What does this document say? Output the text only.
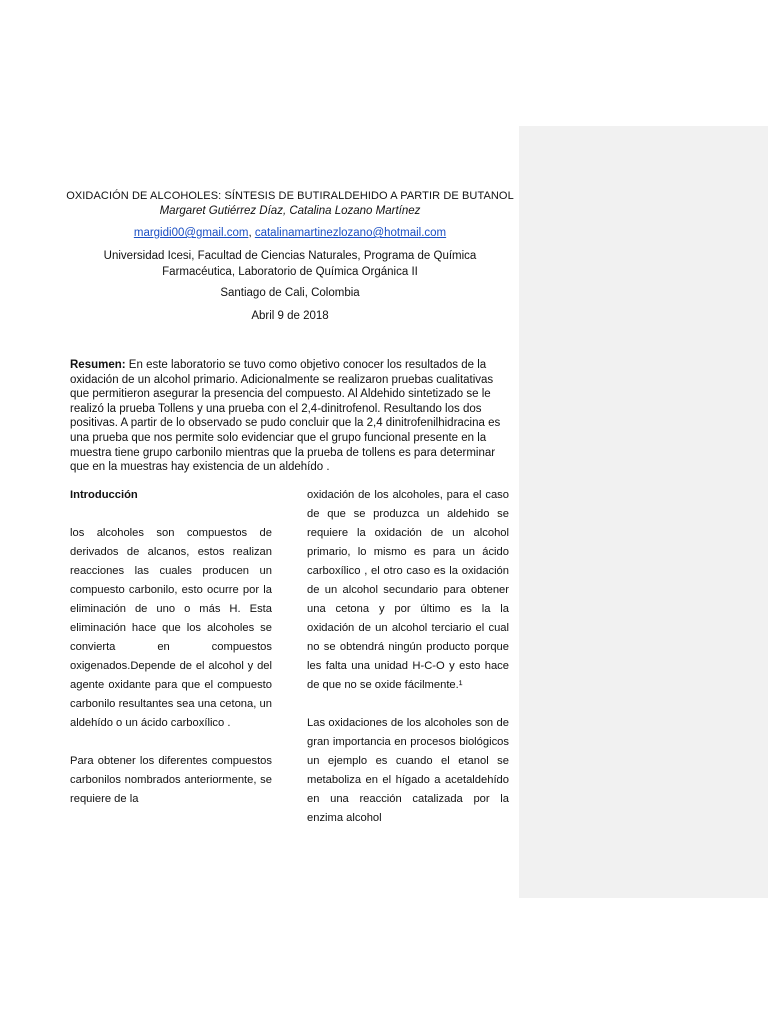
OXIDACIÓN DE ALCOHOLES: SÍNTESIS DE BUTIRALDEHIDO A PARTIR DE BUTANOL
Margaret Gutiérrez Díaz, Catalina Lozano Martínez
margidi00@gmail.com, catalinamartinezlozano@hotmail.com
Universidad Icesi, Facultad de Ciencias Naturales, Programa de Química Farmacéutica, Laboratorio de Química Orgánica II
Santiago de Cali, Colombia
Abril 9 de 2018
Resumen: En este laboratorio se tuvo como objetivo conocer los resultados de la oxidación de un alcohol primario. Adicionalmente se realizaron pruebas cualitativas que permitieron asegurar la presencia del compuesto. Al Aldehido sintetizado se le realizó la prueba Tollens y una prueba con el 2,4-dinitrofenol. Resultando los dos positivas. A partir de lo observado se pudo concluir que la 2,4 dinitrofenilhidracina es una prueba que nos permite solo evidenciar que el grupo funcional presente en la muestra tiene grupo carbonilo mientras que la prueba de tollens es para determinar que en la muestras hay existencia de un aldehído .

Introducción

los alcoholes son compuestos de derivados de alcanos, estos realizan reacciones las cuales producen un compuesto carbonilo, esto ocurre por la eliminación de uno o más H. Esta eliminación hace que los alcoholes se convierta en compuestos oxigenados.Depende de el alcohol y del agente oxidante para que el compuesto carbonilo resultantes sea una cetona, un aldehído o un ácido carboxílico .

Para obtener los diferentes compuestos carbonilos nombrados anteriormente, se requiere de la

oxidación de los alcoholes, para el caso de que se produzca un aldehido se requiere la oxidación de un alcohol primario, lo mismo es para un ácido carboxílico , el otro caso es la oxidación de un alcohol secundario para obtener una cetona y por último es la la oxidación de un alcohol terciario el cual no se obtendrá ningún producto porque les falta una unidad H-C-O y esto hace de que no se oxide fácilmente.¹

Las oxidaciones de los alcoholes son de gran importancia en procesos biológicos un ejemplo es cuando el etanol se metaboliza en el hígado a acetaldehído en una reacción catalizada por la enzima alcohol
